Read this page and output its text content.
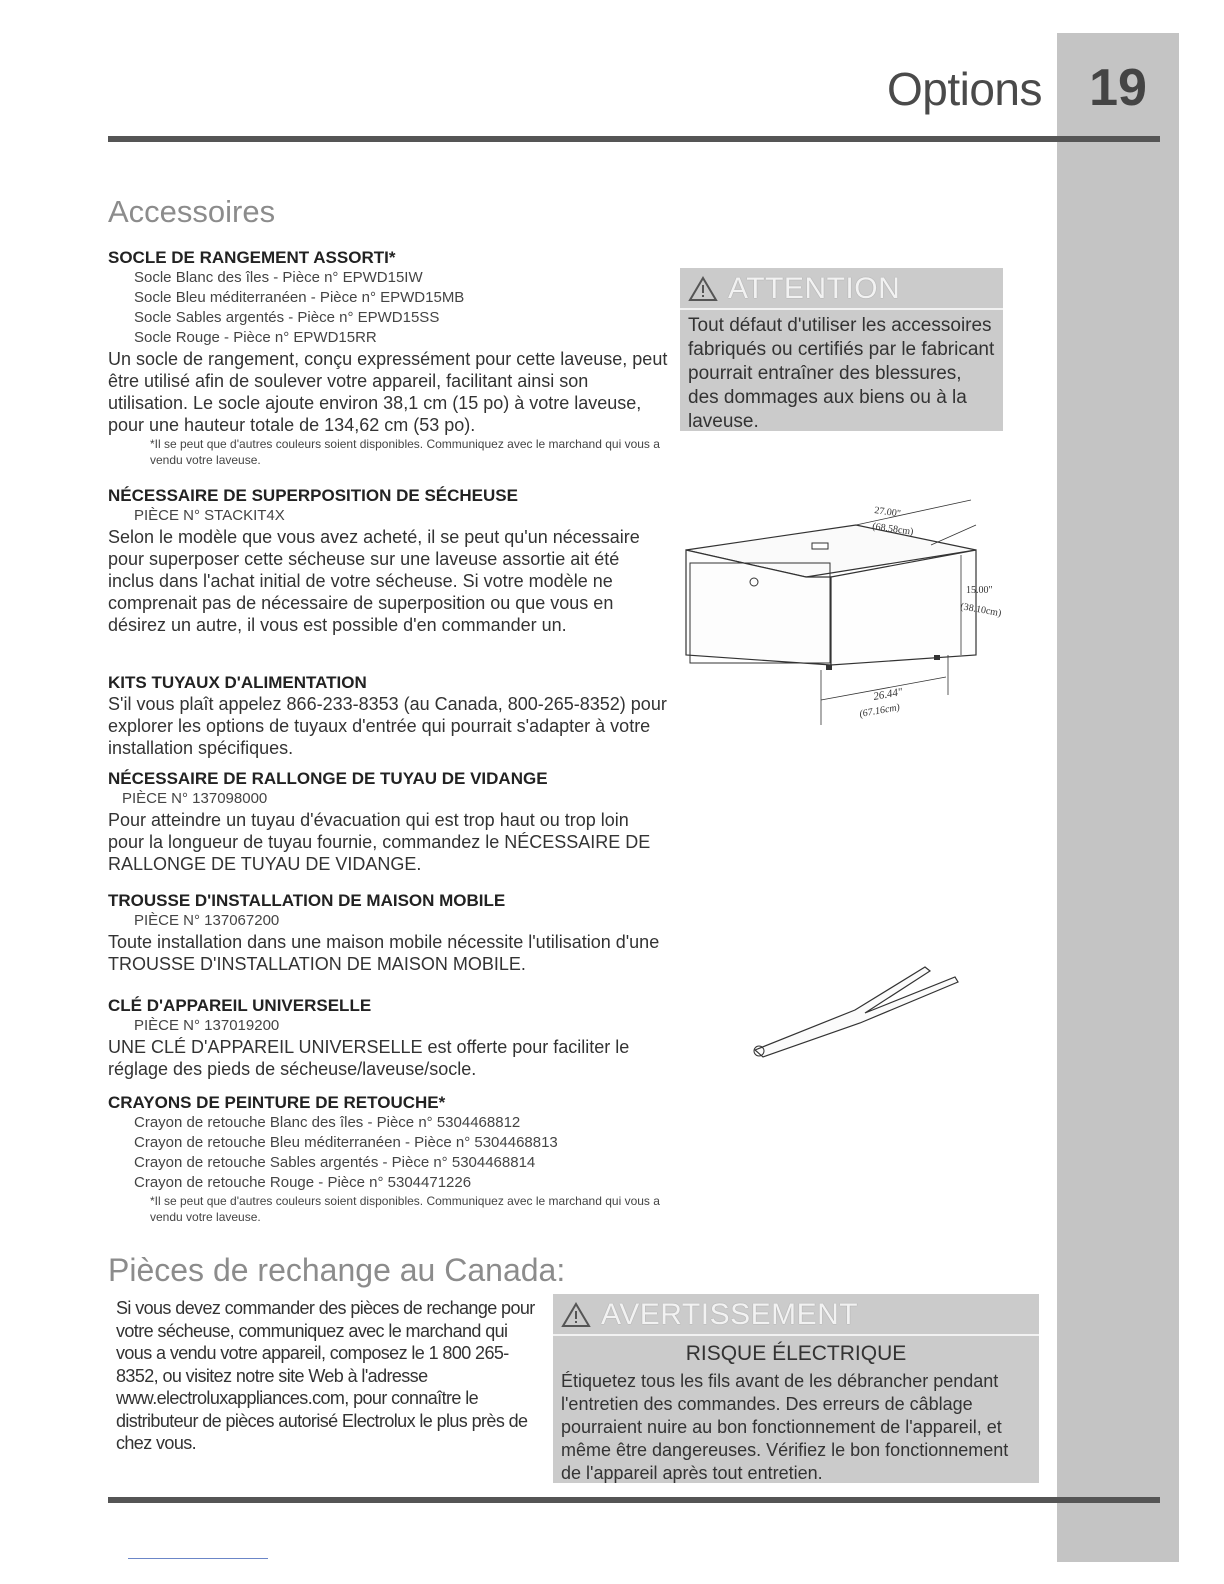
Options 19
Accessoires
SOCLE DE RANGEMENT ASSORTI*
Socle Blanc des îles - Pièce n° EPWD15IW
Socle Bleu méditerranéen - Pièce n° EPWD15MB
Socle Sables argentés - Pièce n° EPWD15SS
Socle Rouge - Pièce n° EPWD15RR
Un socle de rangement, conçu expressément pour cette laveuse, peut être utilisé afin de soulever votre appareil, facilitant ainsi son utilisation. Le socle ajoute environ 38,1 cm (15 po) à votre laveuse, pour une hauteur totale de 134,62 cm (53 po).
*Il se peut que d'autres couleurs soient disponibles. Communiquez avec le marchand qui vous a vendu votre laveuse.
NÉCESSAIRE DE SUPERPOSITION DE SÉCHEUSE
PIÈCE N° STACKIT4X
Selon le modèle que vous avez acheté, il se peut qu'un nécessaire pour superposer cette sécheuse sur une laveuse assortie ait été inclus dans l'achat initial de votre sécheuse. Si votre modèle ne comprenait pas de nécessaire de superposition ou que vous en désirez un autre, il vous est possible d'en commander un.
KITS TUYAUX D'ALIMENTATION
S'il vous plaît appelez 866-233-8353 (au Canada, 800-265-8352) pour explorer les options de tuyaux d'entrée qui pourrait s'adapter à votre installation spécifiques.
NÉCESSAIRE DE RALLONGE DE TUYAU DE VIDANGE
PIÈCE N° 137098000
Pour atteindre un tuyau d'évacuation qui est trop haut ou trop loin pour la longueur de tuyau fournie, commandez le NÉCESSAIRE DE RALLONGE DE TUYAU DE VIDANGE.
TROUSSE D'INSTALLATION DE MAISON MOBILE
PIÈCE N° 137067200
Toute installation dans une maison mobile nécessite l'utilisation d'une TROUSSE D'INSTALLATION DE MAISON MOBILE.
CLÉ D'APPAREIL UNIVERSELLE
PIÈCE N° 137019200
UNE CLÉ D'APPAREIL UNIVERSELLE est offerte pour faciliter le réglage des pieds de sécheuse/laveuse/socle.
CRAYONS DE PEINTURE DE RETOUCHE*
Crayon de retouche Blanc des îles - Pièce n° 5304468812
Crayon de retouche Bleu méditerranéen - Pièce n° 5304468813
Crayon de retouche Sables argentés - Pièce n° 5304468814
Crayon de retouche Rouge - Pièce n° 5304471226
*Il se peut que d'autres couleurs soient disponibles. Communiquez avec le marchand qui vous a vendu votre laveuse.
ATTENTION
Tout défaut d'utiliser les accessoires fabriqués ou certifiés par le fabricant pourrait entraîner des blessures, des dommages aux biens ou à la laveuse.
27.00"
(68.58cm)
15.00"
(38.10cm)
26.44"
(67.16cm)
Pièces de rechange au Canada:
Si vous devez commander des pièces de rechange pour votre sécheuse, communiquez avec le marchand qui vous a vendu votre appareil, composez le 1 800 265-8352, ou visitez notre site Web à l'adresse www.electroluxappliances.com, pour connaître le distributeur de pièces autorisé Electrolux le plus près de chez vous.
AVERTISSEMENT
RISQUE ÉLECTRIQUE
Étiquetez tous les fils avant de les débrancher pendant l'entretien des commandes. Des erreurs de câblage pourraient nuire au bon fonctionnement de l'appareil, et même être dangereuses. Vérifiez le bon fonctionnement de l'appareil après tout entretien.
